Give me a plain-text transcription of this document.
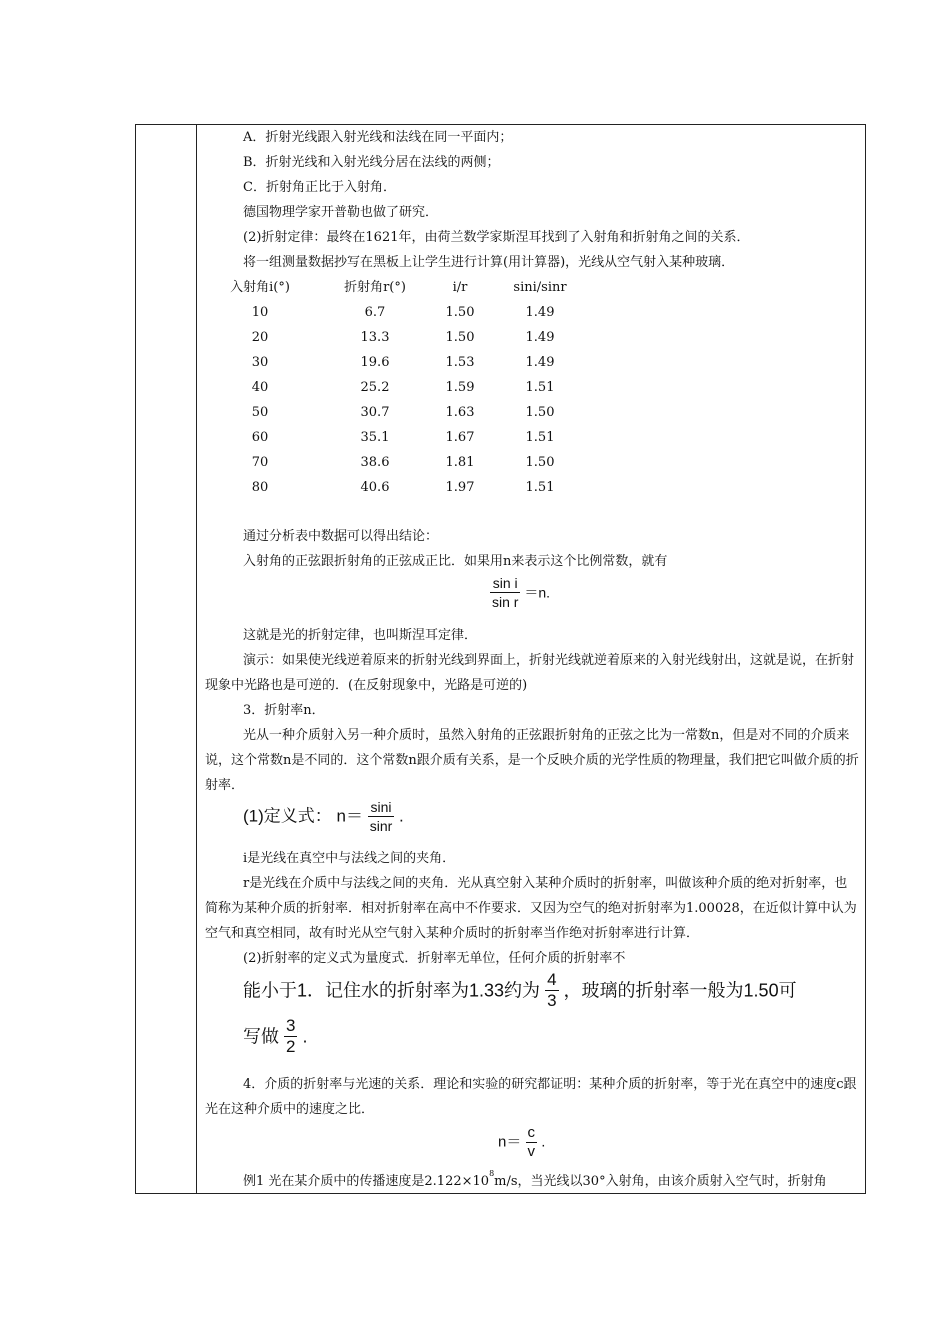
A．折射光线跟入射光线和法线在同一平面内；
B．折射光线和入射光线分居在法线的两侧；
C．折射角正比于入射角．
德国物理学家开普勒也做了研究．
(2)折射定律：最终在1621年，由荷兰数学家斯涅耳找到了入射角和折射角之间的关系．
将一组测量数据抄写在黑板上让学生进行计算(用计算器)，光线从空气射入某种玻璃．
入射角i(°)	折射角r(°)	i/r	sini/sinr
10	6.7	1.50	1.49
20	13.3	1.50	1.49
30	19.6	1.53	1.49
40	25.2	1.59	1.51
50	30.7	1.63	1.50
60	35.1	1.67	1.51
70	38.6	1.81	1.50
80	40.6	1.97	1.51
通过分析表中数据可以得出结论：
入射角的正弦跟折射角的正弦成正比．如果用n来表示这个比例常数，就有
$\frac{\text{sin i}}{\text{sin r}} =n$.
这就是光的折射定律，也叫斯涅耳定律．
演示：如果使光线逆着原来的折射光线到界面上，折射光线就逆着原来的入射光线射出，这就是说，在折射现象中光路也是可逆的．(在反射现象中，光路是可逆的)
3．折射率n．
光从一种介质射入另一种介质时，虽然入射角的正弦跟折射角的正弦之比为一常数n，但是对不同的介质来说，这个常数n是不同的．这个常数n跟介质有关系，是一个反映介质的光学性质的物理量，我们把它叫做介质的折射率．
(1)定义式： $n= \frac{\sin i}{\sin r}$ .
i是光线在真空中与法线之间的夹角．
r是光线在介质中与法线之间的夹角．光从真空射入某种介质时的折射率，叫做该种介质的绝对折射率，也简称为某种介质的折射率．相对折射率在高中不作要求．又因为空气的绝对折射率为1.00028，在近似计算中认为空气和真空相同，故有时光从空气射入某种介质时的折射率当作绝对折射率进行计算．
(2)折射率的定义式为量度式．折射率无单位，任何介质的折射率不
能小于1．记住水的折射率为1.33约为 $\frac{4}{3}$ ，玻璃的折射率一般为1.50可
写做 $\frac{3}{2}$ .
4．介质的折射率与光速的关系．理论和实验的研究都证明：某种介质的折射率，等于光在真空中的速度c跟光在这种介质中的速度之比．
$n= \frac{c}{v}$ .
例1 光在某介质中的传播速度是$2.122\times 10^8m/s$，当光线以30°入射角，由该介质射入空气时，折射角
